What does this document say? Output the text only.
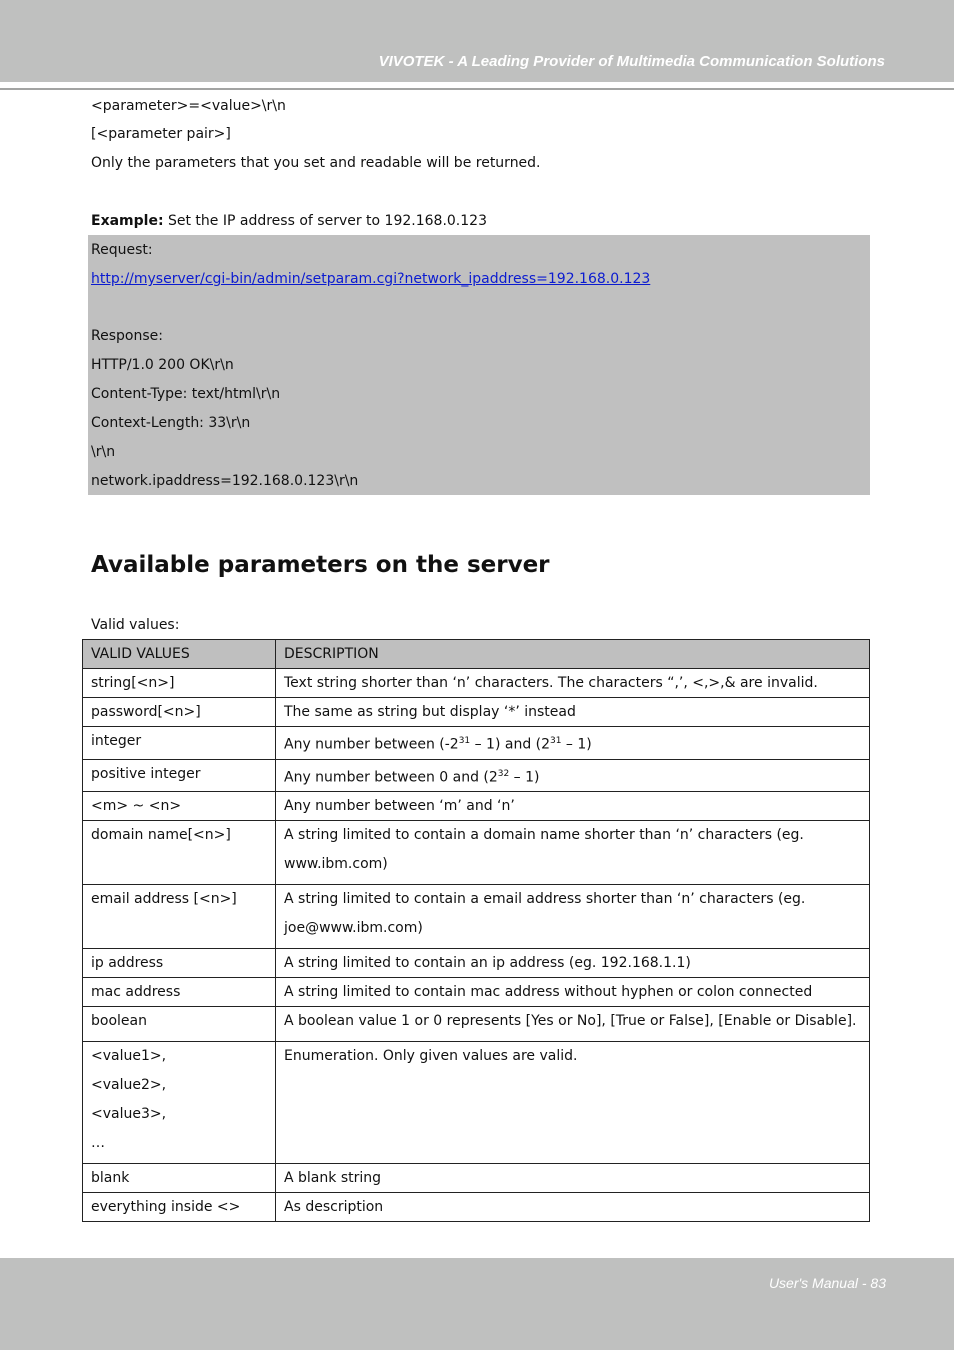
VIVOTEK - A Leading Provider of Multimedia Communication Solutions
<parameter>=<value>\r\n
[<parameter pair>]
Only the parameters that you set and readable will be returned.
Example: Set the IP address of server to 192.168.0.123
Request:
http://myserver/cgi-bin/admin/setparam.cgi?network_ipaddress=192.168.0.123
Response:
HTTP/1.0 200 OK\r\n
Content-Type: text/html\r\n
Context-Length: 33\r\n
\r\n
network.ipaddress=192.168.0.123\r\n
Available parameters on the server
Valid values:
VALID VALUES	DESCRIPTION
string[<n>]	Text string shorter than ‘n’ characters. The characters “,’, <,>,& are invalid.
password[<n>]	The same as string but display ‘*’ instead
integer	Any number between $(-2^{31} - 1)$ and $(2^{31} - 1)$
positive integer	Any number between 0 and $(2^{32} - 1)$
<m> ~ <n>	Any number between ‘m’ and ‘n’
domain name[<n>]	A string limited to contain a domain name shorter than ‘n’ characters (eg. www.ibm.com)
email address [<n>]	A string limited to contain a email address shorter than ‘n’ characters (eg. joe@www.ibm.com)
ip address	A string limited to contain an ip address (eg. 192.168.1.1)
mac address	A string limited to contain mac address without hyphen or colon connected
boolean	A boolean value 1 or 0 represents [Yes or No], [True or False], [Enable or Disable].

<value1>,

<value2>,

<value3>,

…	Enumeration. Only given values are valid.
blank	A blank string
everything inside <>	As description
User's Manual - 83
